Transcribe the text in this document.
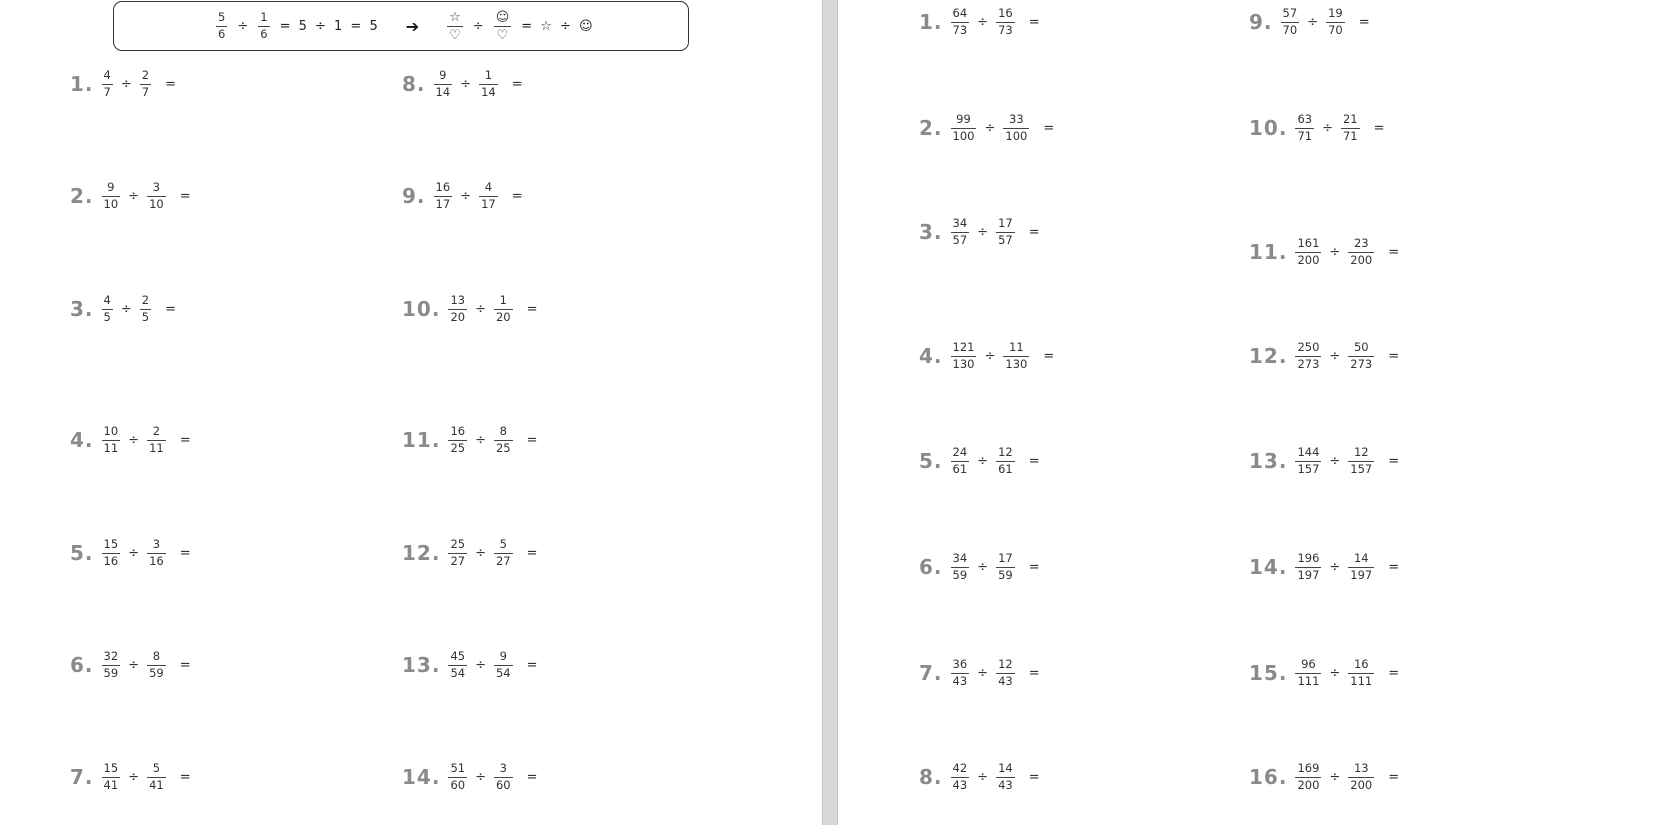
$\frac{5}{6} \div \frac{1}{6} = 5 \div 1 = 5$ ➔ $\frac{☆}{♡} \div \frac{☺}{♡}$ = ☆ ÷ ☺
1. $\frac{4}{7} \div \frac{2}{7}$ =
2. $\frac{9}{10} \div \frac{3}{10}$ =
3. $\frac{4}{5} \div \frac{2}{5}$ =
4. $\frac{10}{11} \div \frac{2}{11}$ =
5. $\frac{15}{16} \div \frac{3}{16}$ =
6. $\frac{32}{59} \div \frac{8}{59}$ =
7. $\frac{15}{41} \div \frac{5}{41}$ =
8. $\frac{9}{14} \div \frac{1}{14}$ =
9. $\frac{16}{17} \div \frac{4}{17}$ =
10. $\frac{13}{20} \div \frac{1}{20}$ =
11. $\frac{16}{25} \div \frac{8}{25}$ =
12. $\frac{25}{27} \div \frac{5}{27}$ =
13. $\frac{45}{54} \div \frac{9}{54}$ =
14. $\frac{51}{60} \div \frac{3}{60}$ =
1. $\frac{64}{73} \div \frac{16}{73}$ =
2. $\frac{99}{100} \div \frac{33}{100}$ =
3. $\frac{34}{57} \div \frac{17}{57}$ =
4. $\frac{121}{130} \div \frac{11}{130}$ =
5. $\frac{24}{61} \div \frac{12}{61}$ =
6. $\frac{34}{59} \div \frac{17}{59}$ =
7. $\frac{36}{43} \div \frac{12}{43}$ =
8. $\frac{42}{43} \div \frac{14}{43}$ =
9. $\frac{57}{70} \div \frac{19}{70}$ =
10. $\frac{63}{71} \div \frac{21}{71}$ =
11. $\frac{161}{200} \div \frac{23}{200}$ =
12. $\frac{250}{273} \div \frac{50}{273}$ =
13. $\frac{144}{157} \div \frac{12}{157}$ =
14. $\frac{196}{197} \div \frac{14}{197}$ =
15. $\frac{96}{111} \div \frac{16}{111}$ =
16. $\frac{169}{200} \div \frac{13}{200}$ =
